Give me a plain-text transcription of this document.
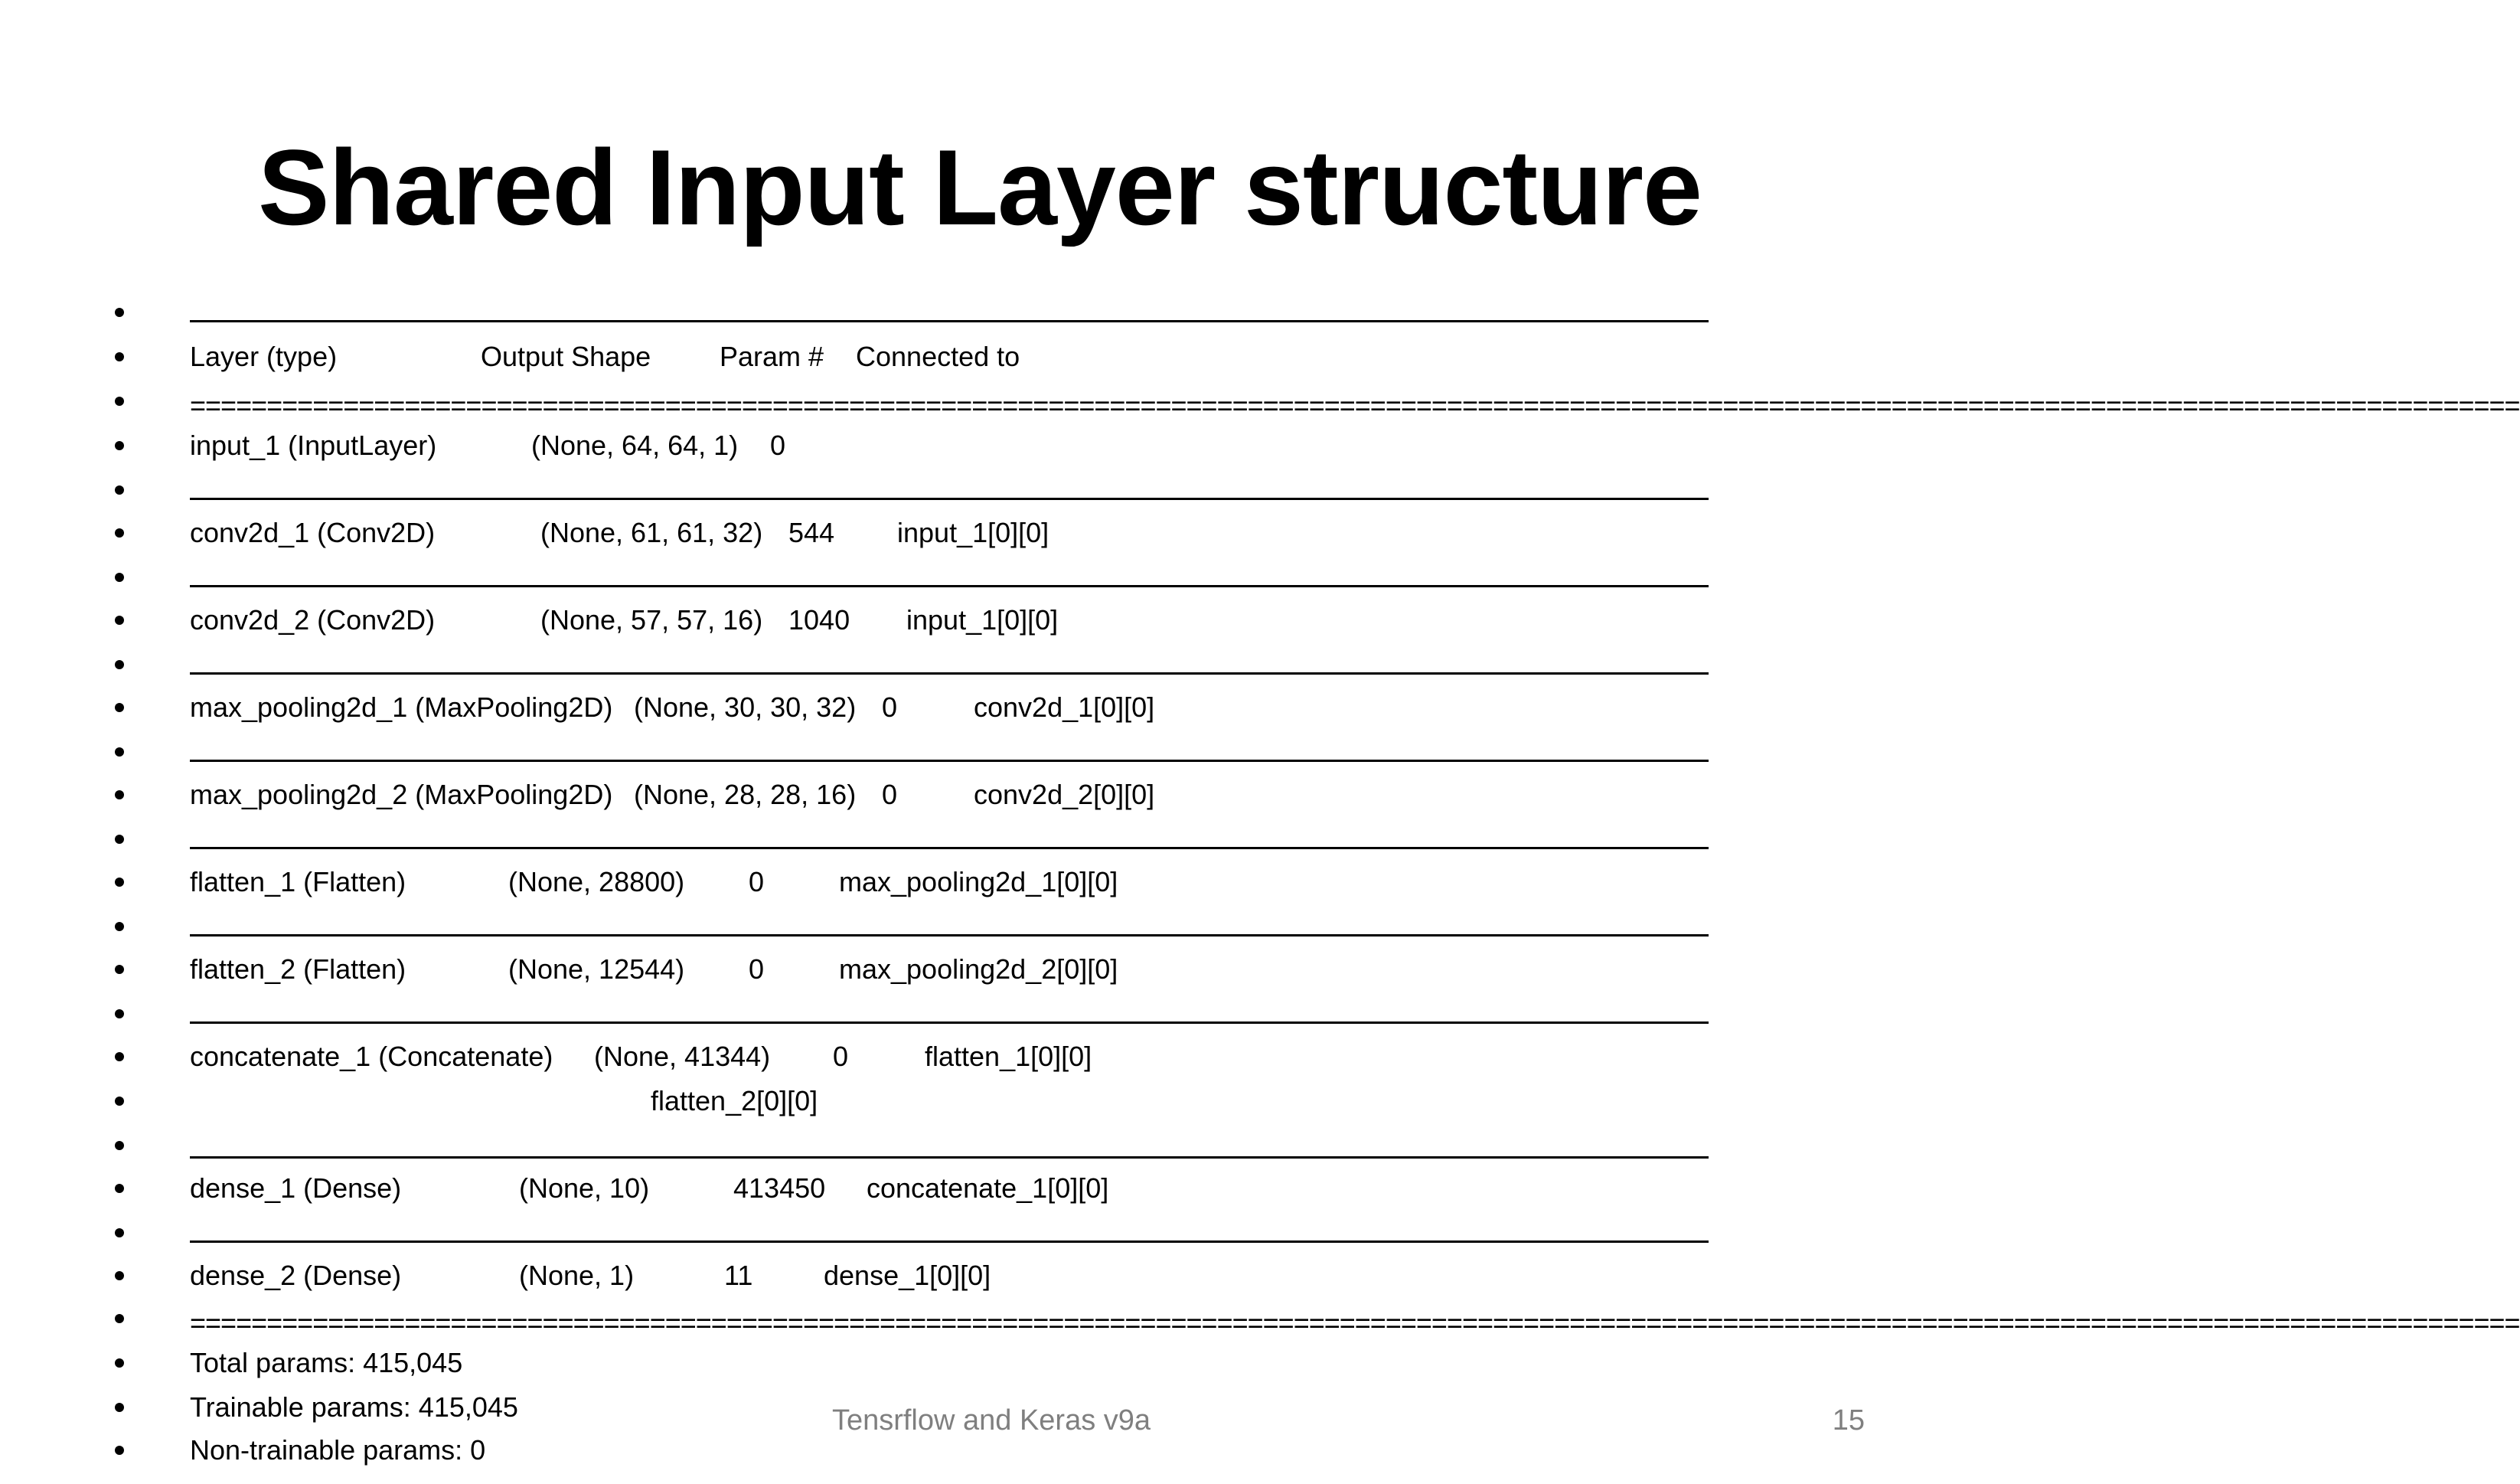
Shared Input Layer structure
Layer (type)	Output Shape Param # Connected to
========================================================================================================================================================
input_1 (InputLayer)	(None, 64, 64, 1) 0
conv2d_1 (Conv2D)	(None, 61, 61, 32) 544 input_1[0][0]
conv2d_2 (Conv2D)	(None, 57, 57, 16) 1040 input_1[0][0]
max_pooling2d_1 (MaxPooling2D) (None, 30, 30, 32) 0	conv2d_1[0][0]
max_pooling2d_2 (MaxPooling2D) (None, 28, 28, 16) 0	conv2d_2[0][0]
flatten_1 (Flatten)	(None, 28800) 0	max_pooling2d_1[0][0]
flatten_2 (Flatten)	(None, 12544) 0	max_pooling2d_2[0][0]
concatenate_1 (Concatenate) (None, 41344) 0	flatten_1[0][0]
flatten_2[0][0]
dense_1 (Dense)	(None, 10)	413450 concatenate_1[0][0]
dense_2 (Dense)	(None, 1)	11	dense_1[0][0]
========================================================================================================================================================
Total params: 415,045
Trainable params: 415,045
Non-trainable params: 0
Tensrflow and Keras v9a	15
